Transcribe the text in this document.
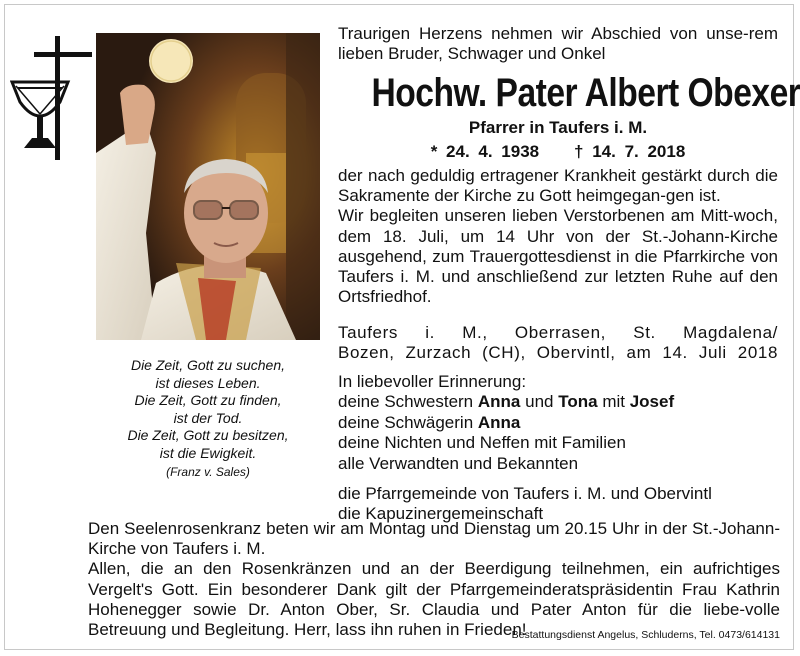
Die Zeit, Gott zu suchen,
ist dieses Leben.
Die Zeit, Gott zu finden,
ist der Tod.
Die Zeit, Gott zu besitzen,
ist die Ewigkeit.
(Franz v. Sales)
Traurigen Herzens nehmen wir Abschied von unse-rem lieben Bruder, Schwager und Onkel
Hochw. Pater Albert Obexer
Pfarrer in Taufers i. M.
* 24. 4. 1938 † 14. 7. 2018
der nach geduldig ertragener Krankheit gestärkt durch die Sakramente der Kirche zu Gott heimgegan-gen ist.
Wir begleiten unseren lieben Verstorbenen am Mitt-woch, dem 18. Juli, um 14 Uhr von der St.-Johann-Kirche ausgehend, zum Trauergottesdienst in die Pfarrkirche von Taufers i. M. und anschließend zur letzten Ruhe auf den Ortsfriedhof.
Taufers i. M., Oberrasen, St. Magdalena/
Bozen, Zurzach (CH), Obervintl, am 14. Juli 2018
In liebevoller Erinnerung:
deine Schwestern Anna und Tona mit Josef
deine Schwägerin Anna
deine Nichten und Neffen mit Familien
alle Verwandten und Bekannten
die Pfarrgemeinde von Taufers i. M. und Obervintl
die Kapuzinergemeinschaft
Den Seelenrosenkranz beten wir am Montag und Dienstag um 20.15 Uhr in der St.-Johann-Kirche von Taufers i. M.
Allen, die an den Rosenkränzen und an der Beerdigung teilnehmen, ein aufrichtiges Vergelt's Gott. Ein besonderer Dank gilt der Pfarrgemeinderatspräsidentin Frau Kathrin Hohenegger sowie Dr. Anton Ober, Sr. Claudia und Pater Anton für die liebe-volle Betreuung und Begleitung. Herr, lass ihn ruhen in Frieden!
Bestattungsdienst Angelus, Schluderns, Tel. 0473/614131
